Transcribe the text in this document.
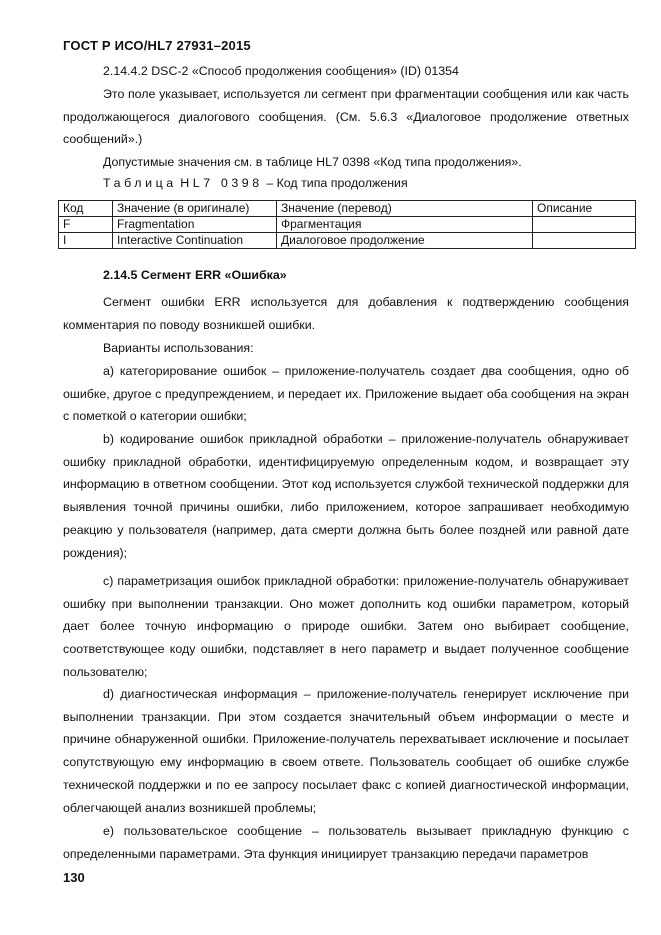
ГОСТ Р ИСО/HL7 27931–2015

2.14.4.2 DSC-2 «Способ продолжения сообщения» (ID) 01354

Это поле указывает, используется ли сегмент при фрагментации сообщения или как часть продолжающегося диалогового сообщения. (См. 5.6.3 «Диалоговое продолжение ответных сообщений».)

Допустимые значения см. в таблице HL7 0398 «Код типа продолжения».

Таблица HL7 0398 – Код типа продолжения
Код	Значение (в оригинале)	Значение (перевод)	Описание
F	Fragmentation	Фрагментация	
I	Interactive Continuation	Диалоговое продолжение	
2.14.5 Сегмент ERR «Ошибка»

Сегмент ошибки ERR используется для добавления к подтверждению сообщения комментария по поводу возникшей ошибки.

Варианты использования:

a) категорирование ошибок – приложение-получатель создает два сообщения, одно об ошибке, другое с предупреждением, и передает их. Приложение выдает оба сообщения на экран с пометкой о категории ошибки;

b) кодирование ошибок прикладной обработки – приложение-получатель обнаруживает ошибку прикладной обработки, идентифицируемую определенным кодом, и возвращает эту информацию в ответном сообщении. Этот код используется службой технической поддержки для выявления точной причины ошибки, либо приложением, которое запрашивает необходимую реакцию у пользователя (например, дата смерти должна быть более поздней или равной дате рождения);

c) параметризация ошибок прикладной обработки: приложение-получатель обнаруживает ошибку при выполнении транзакции. Оно может дополнить код ошибки параметром, который дает более точную информацию о природе ошибки. Затем оно выбирает сообщение, соответствующее коду ошибки, подставляет в него параметр и выдает полученное сообщение пользователю;

d) диагностическая информация – приложение-получатель генерирует исключение при выполнении транзакции. При этом создается значительный объем информации о месте и причине обнаруженной ошибки. Приложение-получатель перехватывает исключение и посылает сопутствующую ему информацию в своем ответе. Пользователь сообщает об ошибке службе технической поддержки и по ее запросу посылает факс с копией диагностической информации, облегчающей анализ возникшей проблемы;

e) пользовательское сообщение – пользователь вызывает прикладную функцию с определенными параметрами. Эта функция инициирует транзакцию передачи параметров

130
